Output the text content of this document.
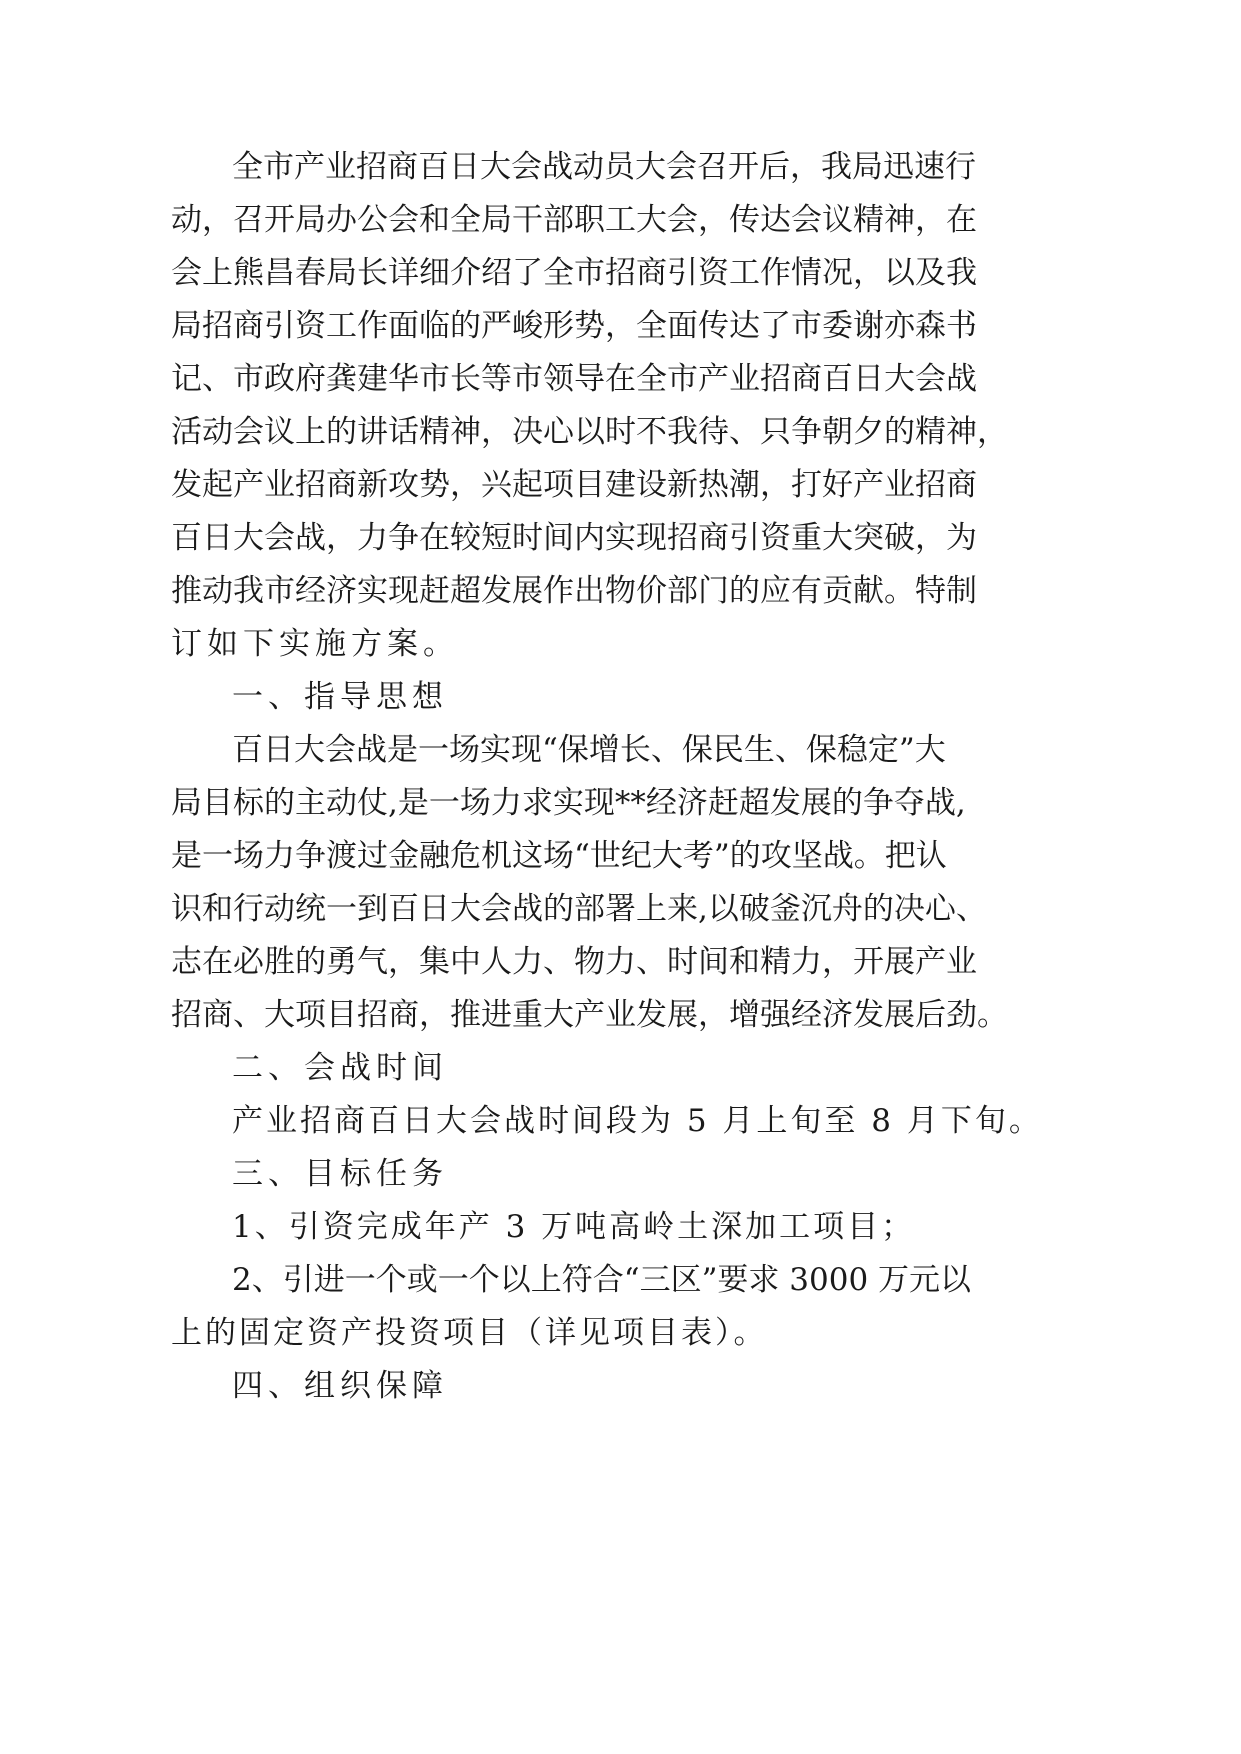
全市产业招商百日大会战动员大会召开后，我局迅速行
动，召开局办公会和全局干部职工大会，传达会议精神，在
会上熊昌春局长详细介绍了全市招商引资工作情况，以及我
局招商引资工作面临的严峻形势，全面传达了市委谢亦森书
记、市政府龚建华市长等市领导在全市产业招商百日大会战
活动会议上的讲话精神，决心以时不我待、只争朝夕的精神，
发起产业招商新攻势，兴起项目建设新热潮，打好产业招商
百日大会战，力争在较短时间内实现招商引资重大突破，为
推动我市经济实现赶超发展作出物价部门的应有贡献。特制
订如下实施方案。
一、指导思想
百日大会战是一场实现“保增长、保民生、保稳定”大
局目标的主动仗,是一场力求实现**经济赶超发展的争夺战,
是一场力争渡过金融危机这场“世纪大考”的攻坚战。把认
识和行动统一到百日大会战的部署上来,以破釜沉舟的决心、
志在必胜的勇气，集中人力、物力、时间和精力，开展产业
招商、大项目招商，推进重大产业发展，增强经济发展后劲。
二、会战时间
产业招商百日大会战时间段为 5 月上旬至 8 月下旬。
三、目标任务
1、引资完成年产 3 万吨高岭土深加工项目；
2、引进一个或一个以上符合“三区”要求 3000 万元以
上的固定资产投资项目（详见项目表）。
四、组织保障
